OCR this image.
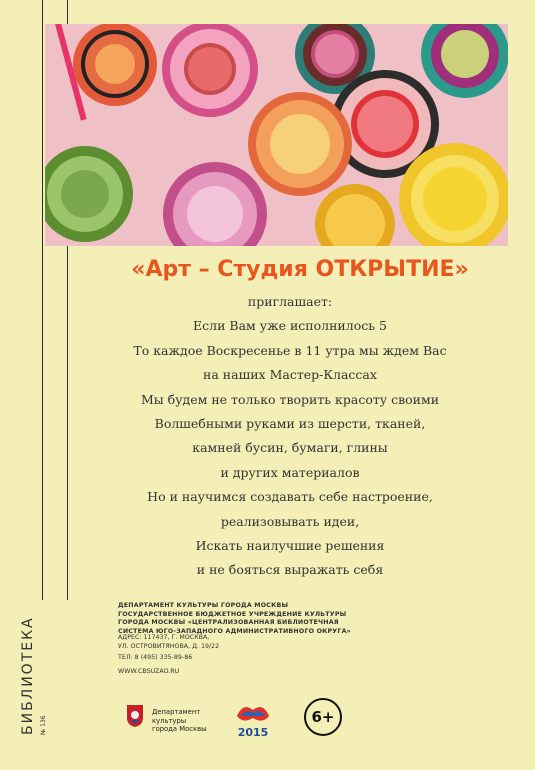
«Арт – Студия ОТКРЫТИЕ»
приглашает:
Если Вам уже исполнилось 5
То каждое Воскресенье в 11 утра мы ждем Вас
на наших Мастер-Классах
Мы будем не только творить красоту своими
Волшебными руками из шерсти, тканей,
камней бусин, бумаги, глины
и других материалов
Но и научимся создавать себе настроение,
реализовывать идеи,
Искать наилучшие решения
и не бояться выражать себя
ДЕПАРТАМЕНТ КУЛЬТУРЫ ГОРОДА МОСКВЫ
ГОСУДАРСТВЕННОЕ БЮДЖЕТНОЕ УЧРЕЖДЕНИЕ КУЛЬТУРЫ
ГОРОДА МОСКВЫ «ЦЕНТРАЛИЗОВАННАЯ БИБЛИОТЕЧНАЯ
СИСТЕМА ЮГО-ЗАПАДНОГО АДМИНИСТРАТИВНОГО ОКРУГА»
АДРЕС: 117437, Г. МОСКВА,
УЛ. ОСТРОВИТЯНОВА, Д. 19/22
ТЕЛ: 8 (495) 335-89-86
WWW.CBSUZAO.RU
Департамент
культуры
города Москвы	2015
6+
БИБЛИОТЕКА № 136
